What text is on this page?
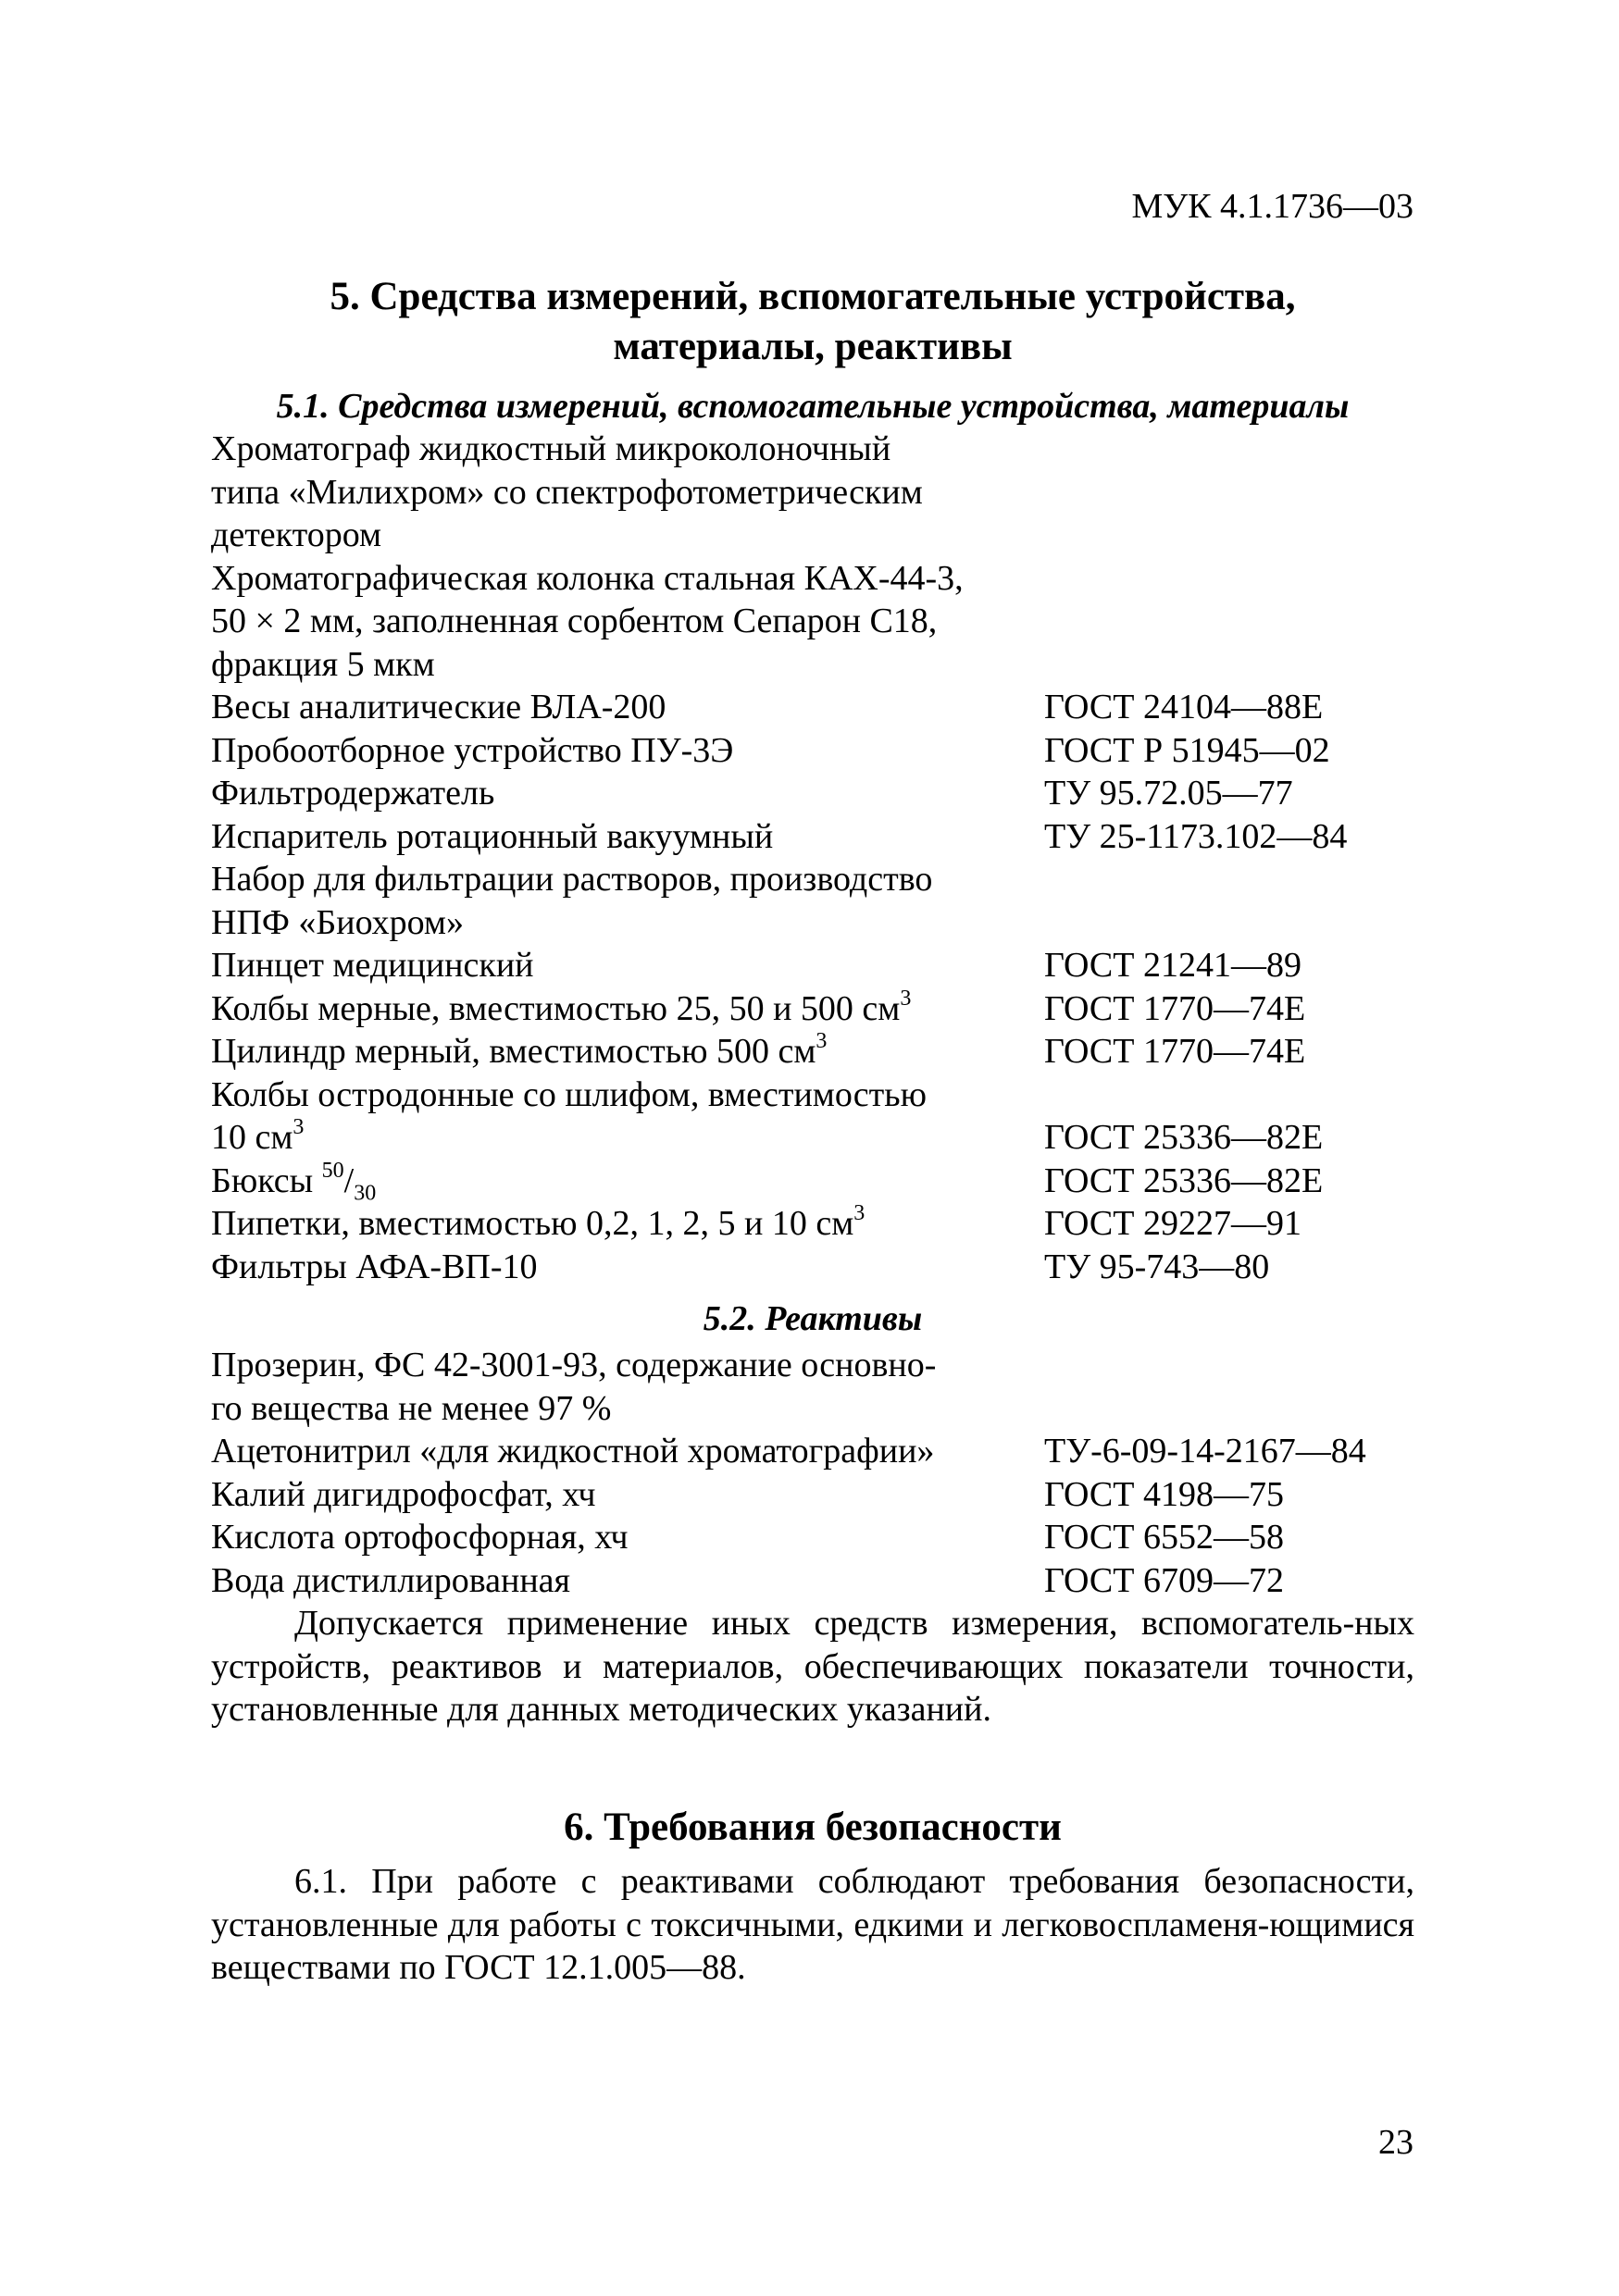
МУК 4.1.1736—03
5. Средства измерений, вспомогательные устройства,
материалы, реактивы
5.1. Средства измерений, вспомогательные устройства, материалы
Хроматограф жидкостный микроколоночный
типа «Милихром» со спектрофотометрическим
детектором
Хроматографическая колонка стальная КАХ-44-3,
50 × 2 мм, заполненная сорбентом Сепарон С18,
фракция 5 мкм
Весы аналитические ВЛА-200	ГОСТ 24104—88Е
Пробоотборное устройство ПУ-3Э	ГОСТ Р 51945—02
Фильтродержатель	ТУ 95.72.05—77
Испаритель ротационный вакуумный	ТУ 25-1173.102—84
Набор для фильтрации растворов, производство
НПФ «Биохром»
Пинцет медицинский	ГОСТ 21241—89
Колбы мерные, вместимостью 25, 50 и 500 $см^3$	ГОСТ 1770—74Е
Цилиндр мерный, вместимостью 500 $см^3$	ГОСТ 1770—74Е
Колбы остродонные со шлифом, вместимостью
10 $см^3$	ГОСТ 25336—82Е
Бюксы $^{50}/_{30}$	ГОСТ 25336—82Е
Пипетки, вместимостью 0,2, 1, 2, 5 и 10 $см^3$	ГОСТ 29227—91
Фильтры АФА-ВП-10	ТУ 95-743—80
5.2. Реактивы
Прозерин, ФС 42-3001-93, содержание основно-
го вещества не менее 97 %
Ацетонитрил «для жидкостной хроматографии»	ТУ-6-09-14-2167—84
Калий дигидрофосфат, хч	ГОСТ 4198—75
Кислота ортофосфорная, хч	ГОСТ 6552—58
Вода дистиллированная	ГОСТ 6709—72

Допускается применение иных средств измерения, вспомогатель-ных устройств, реактивов и материалов, обеспечивающих показатели точности, установленные для данных методических указаний.

6. Требования безопасности

6.1. При работе с реактивами соблюдают требования безопасности, установленные для работы с токсичными, едкими и легковоспламеня-ющимися веществами по ГОСТ 12.1.005—88.

23
